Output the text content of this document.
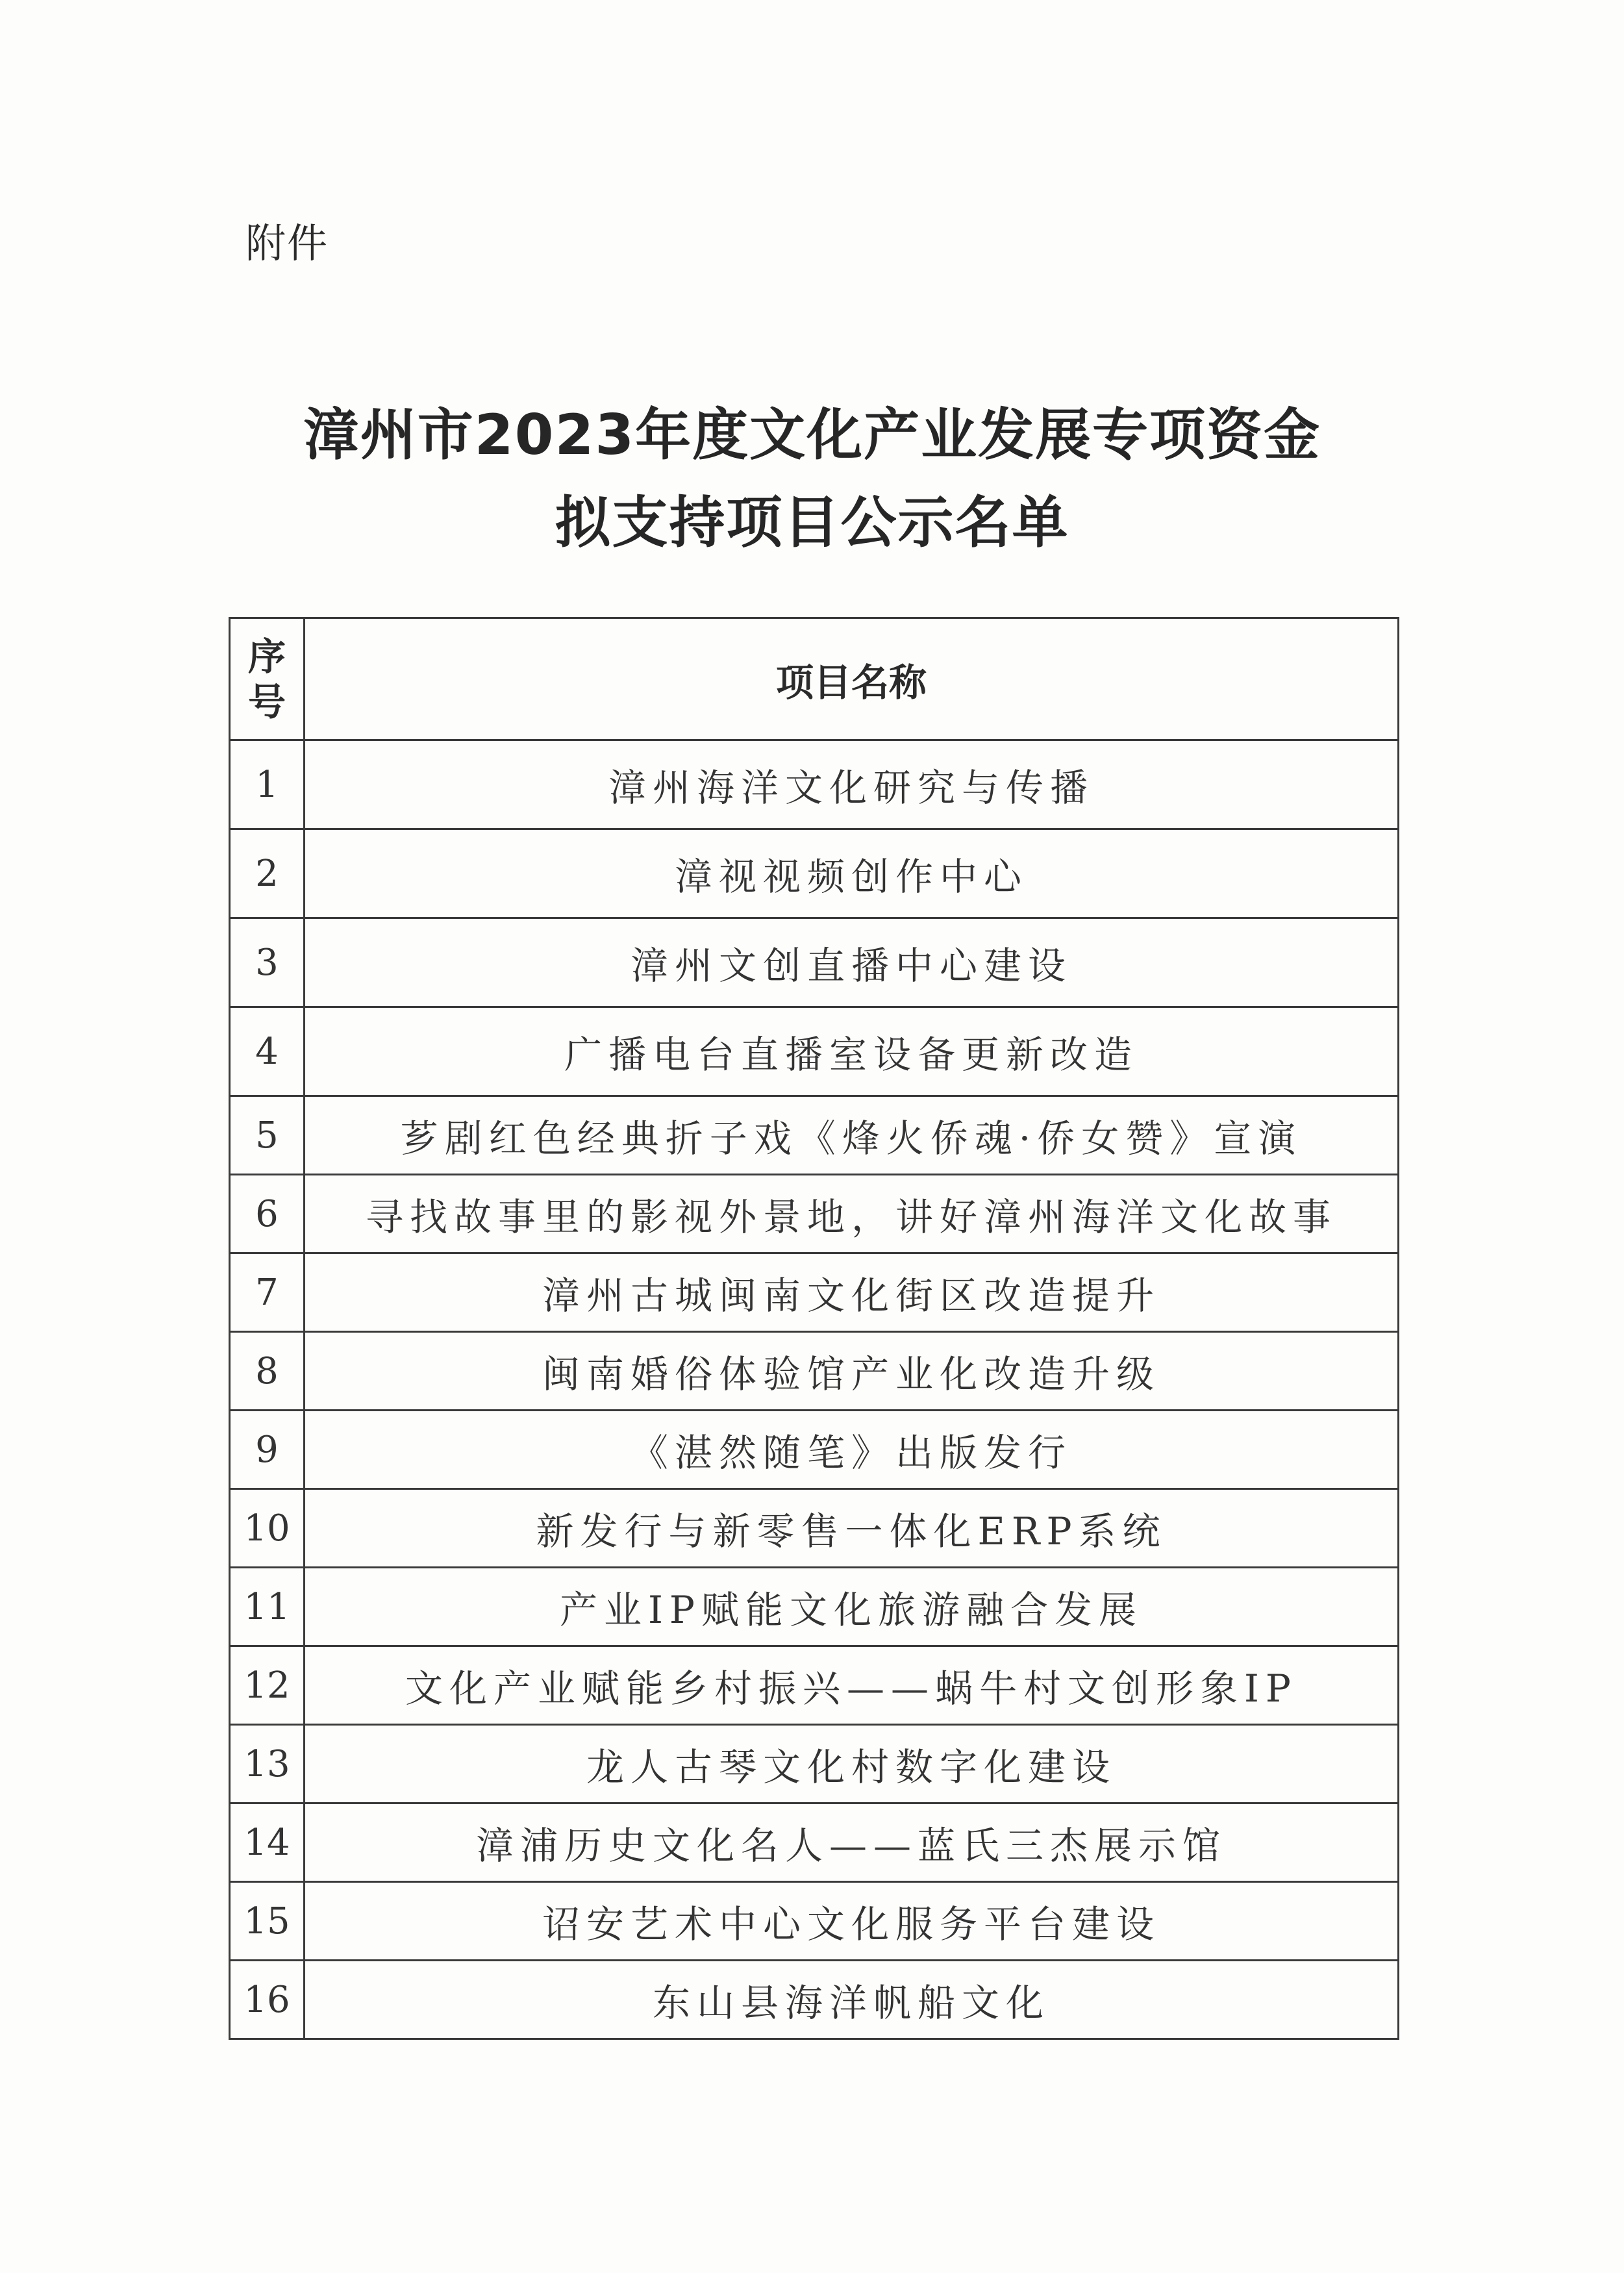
附件
漳州市2023年度文化产业发展专项资金
拟支持项目公示名单
序
号	项目名称
1	漳州海洋文化研究与传播
2	漳视视频创作中心
3	漳州文创直播中心建设
4	广播电台直播室设备更新改造
5	芗剧红色经典折子戏《烽火侨魂·侨女赞》宣演
6	寻找故事里的影视外景地，讲好漳州海洋文化故事
7	漳州古城闽南文化街区改造提升
8	闽南婚俗体验馆产业化改造升级
9	《湛然随笔》出版发行
10	新发行与新零售一体化ERP系统
11	产业IP赋能文化旅游融合发展
12	文化产业赋能乡村振兴——蜗牛村文创形象IP
13	龙人古琴文化村数字化建设
14	漳浦历史文化名人——蓝氏三杰展示馆
15	诏安艺术中心文化服务平台建设
16	东山县海洋帆船文化
